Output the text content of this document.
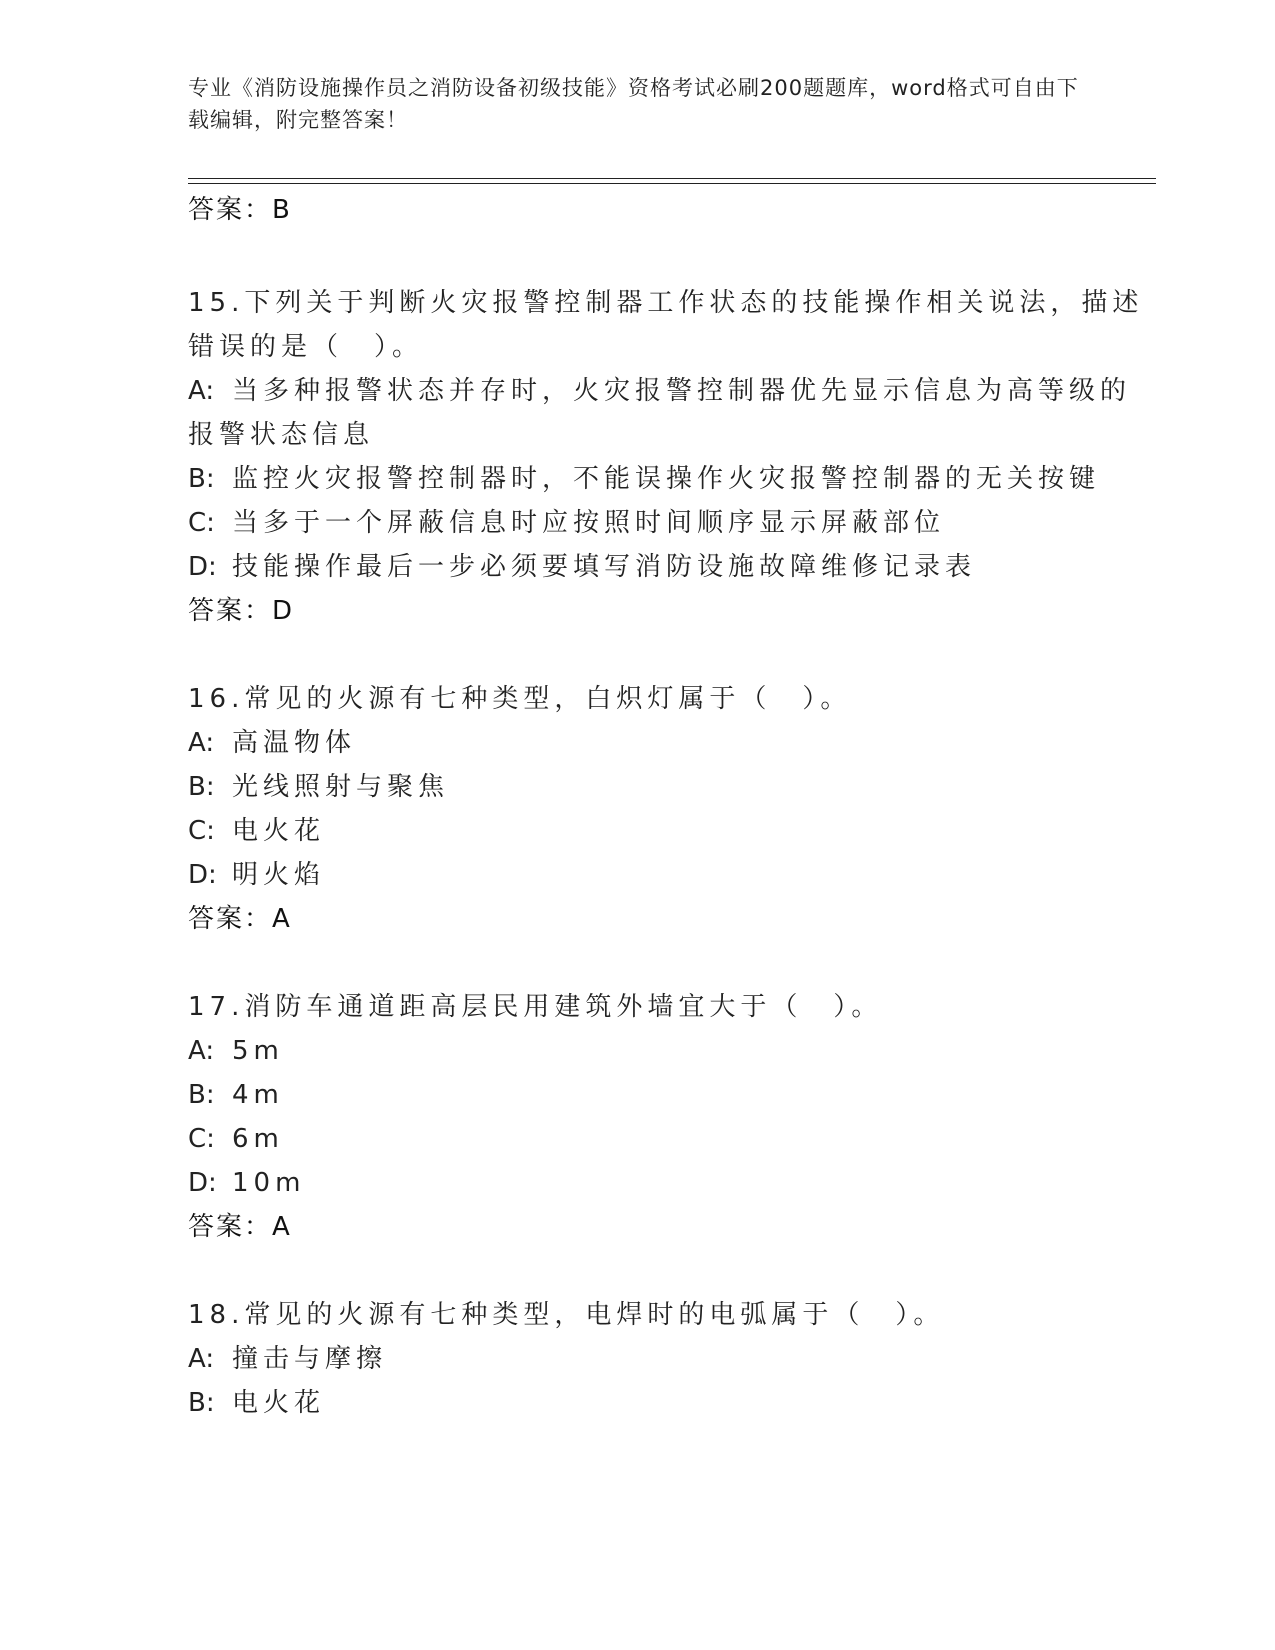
专业《消防设施操作员之消防设备初级技能》资格考试必刷200题题库，word格式可自由下载编辑，附完整答案！
答案：B
15.下列关于判断火灾报警控制器工作状态的技能操作相关说法，描述
错误的是（　）。
A: 当多种报警状态并存时，火灾报警控制器优先显示信息为高等级的
报警状态信息
B: 监控火灾报警控制器时，不能误操作火灾报警控制器的无关按键
C: 当多于一个屏蔽信息时应按照时间顺序显示屏蔽部位
D: 技能操作最后一步必须要填写消防设施故障维修记录表
答案：D
16.常见的火源有七种类型，白炽灯属于（　）。
A: 高温物体
B: 光线照射与聚焦
C: 电火花
D: 明火焰
答案：A
17.消防车通道距高层民用建筑外墙宜大于（　）。
A: 5m
B: 4m
C: 6m
D: 10m
答案：A
18.常见的火源有七种类型，电焊时的电弧属于（　）。
A: 撞击与摩擦
B: 电火花
